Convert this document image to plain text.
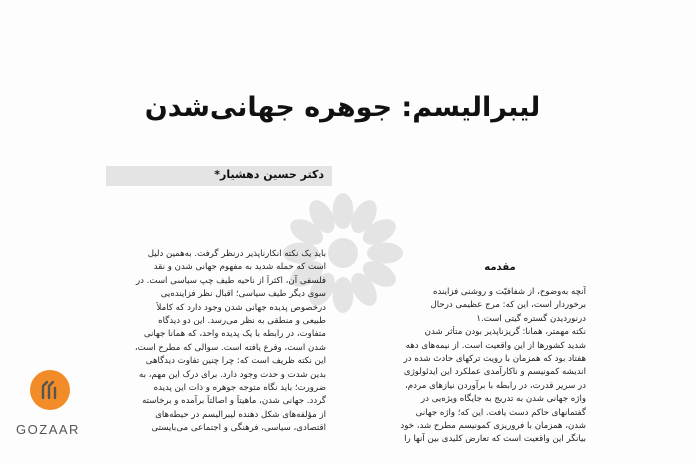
لیبرالیسم: جوهره جهانی‌شدن
دکتر حسین دهشیار*
مقدمه
باید یک نکته انکارناپذیر درنظر گرفت. به‌همین دلیل
است که حمله شدید به مفهوم جهانی شدن و نقد
فلسفی آن، اکثراً از ناحیه طیف چپ سیاسی است. در
سوی دیگر طیف سیاسی؛ اقبال نظر فزاینده‌یی
درخصوص پدیده جهانی شدن وجود دارد که کاملاً
طبیعی و منطقی به نظر می‌رسد. این دو دیدگاه
متفاوت، در رابطه با یک پدیده واحد، که همانا جهانی
شدن است، وفرع یافته است. سوالی که مطرح است،
این نکته ظریف است که: چرا چنین تفاوت دیدگاهی
بدین شدت و حدت وجود دارد. برای درک این مهم، به
ضرورت؛ باید نگاه متوجه جوهره و ذات این پدیده
گردد. جهانی شدن، ماهیتاً و اصالتاً برآمده و برخاسته
از مؤلفه‌های شکل دهنده لیبرالیسم در حیطه‌های
اقتصادی، سیاسی، فرهنگی و اجتماعی می‌بایستی
آنچه به‌وضوح، از شفافیّت و روشنی فزاینده
برخوردار است، این که: مرج عظیمی درحال
درنوردیدن گستره گیتی است.۱
نکته مهمتر، همانا: گریزناپذیر بودن متأثر شدن
شدید کشورها از این واقعیت است. از نیمه‌های دهه
هفتاد بود که همزمان با رویت ترکهای حادث شده در
اندیشه کمونیسم و ناکارآمدی عملکرد این ایدئولوژی
در سریر قدرت، در رابطه با برآوردن نیازهای مردم،
واژه جهانی شدن به تدریج به جایگاه ویژه‌یی در
گفتمانهای حاکم دست یافت. این که؛ واژه جهانی
شدن، همزمان با فروریزی کمونیسم مطرح شد، خود
بیانگر این واقعیت است که تعارض کلیدی بین آنها را
GOZAAR
